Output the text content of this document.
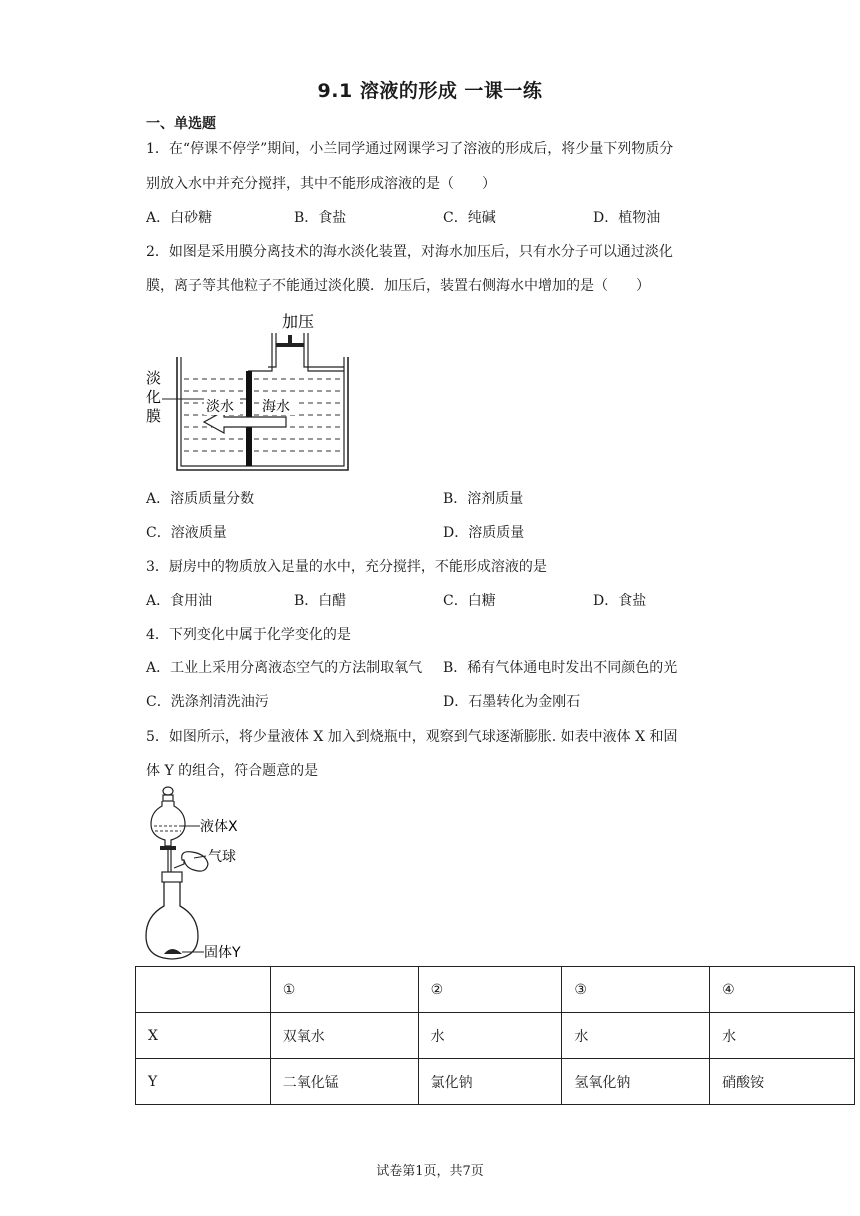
9.1 溶液的形成 一课一练
一、单选题
1．在“停课不停学”期间，小兰同学通过网课学习了溶液的形成后，将少量下列物质分
别放入水中并充分搅拌，其中不能形成溶液的是（　　）
A．白砂糖	B．食盐	C．纯碱	D．植物油
2．如图是采用膜分离技术的海水淡化装置，对海水加压后，只有水分子可以通过淡化
膜，离子等其他粒子不能通过淡化膜．加压后，装置右侧海水中增加的是（　　）
加压
淡
化
膜	淡水 海水
A．溶质质量分数	B．溶剂质量
C．溶液质量	D．溶质质量
3．厨房中的物质放入足量的水中，充分搅拌，不能形成溶液的是
A．食用油	B．白醋	C．白糖	D．食盐
4．下列变化中属于化学变化的是
A．工业上采用分离液态空气的方法制取氧气 B．稀有气体通电时发出不同颜色的光
C．洗涤剂清洗油污	D．石墨转化为金刚石
5．如图所示，将少量液体 X 加入到烧瓶中，观察到气球逐渐膨胀. 如表中液体 X 和固
体 Y 的组合，符合题意的是
液体X
气球
固体Y
	①	②	③	④
X	双氧水	水	水	水
Y	二氧化锰	氯化钠	氢氧化钠	硝酸铵
试卷第1页，共7页
